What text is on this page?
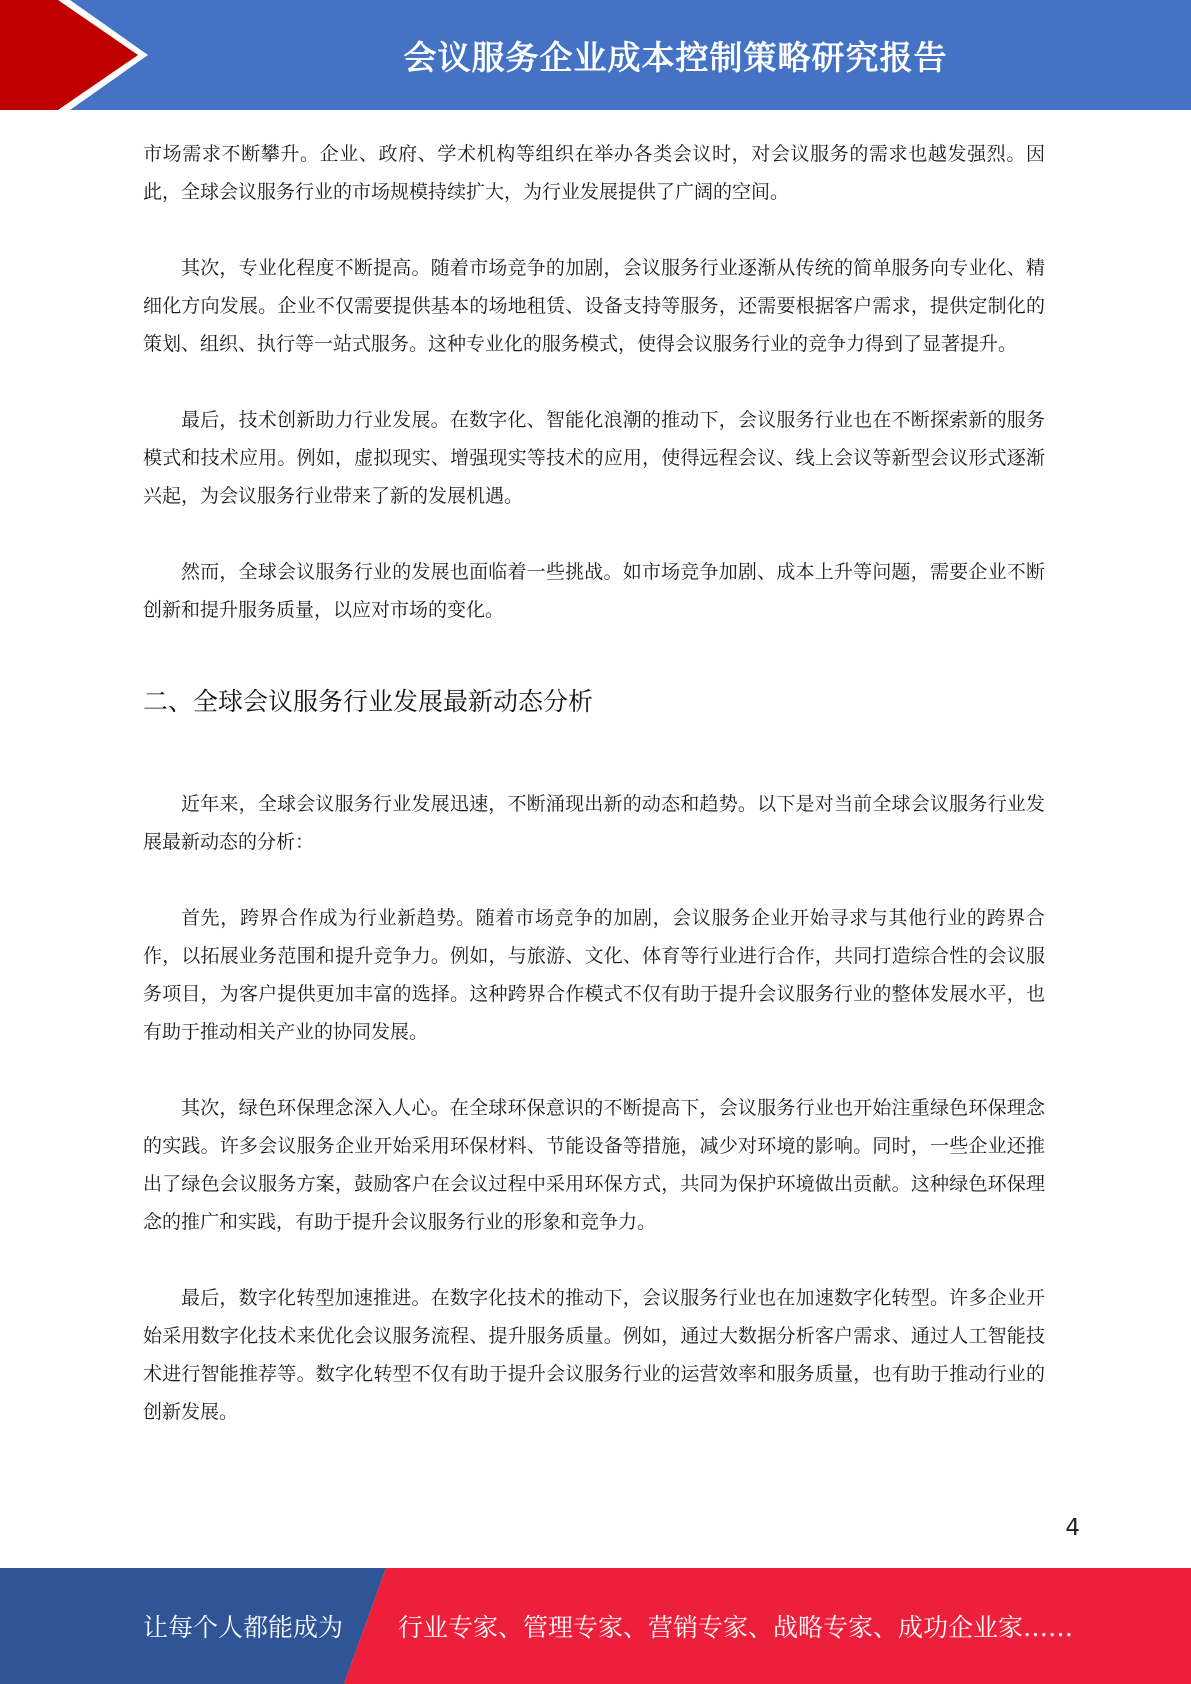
会议服务企业成本控制策略研究报告

市场需求不断攀升。企业、政府、学术机构等组织在举办各类会议时，对会议服务的需求也越发强烈。因此，全球会议服务行业的市场规模持续扩大，为行业发展提供了广阔的空间。

其次，专业化程度不断提高。随着市场竞争的加剧，会议服务行业逐渐从传统的简单服务向专业化、精细化方向发展。企业不仅需要提供基本的场地租赁、设备支持等服务，还需要根据客户需求，提供定制化的策划、组织、执行等一站式服务。这种专业化的服务模式，使得会议服务行业的竞争力得到了显著提升。

最后，技术创新助力行业发展。在数字化、智能化浪潮的推动下，会议服务行业也在不断探索新的服务模式和技术应用。例如，虚拟现实、增强现实等技术的应用，使得远程会议、线上会议等新型会议形式逐渐兴起，为会议服务行业带来了新的发展机遇。

然而，全球会议服务行业的发展也面临着一些挑战。如市场竞争加剧、成本上升等问题，需要企业不断创新和提升服务质量，以应对市场的变化。

二、全球会议服务行业发展最新动态分析

近年来，全球会议服务行业发展迅速，不断涌现出新的动态和趋势。以下是对当前全球会议服务行业发展最新动态的分析：

首先，跨界合作成为行业新趋势。随着市场竞争的加剧，会议服务企业开始寻求与其他行业的跨界合作，以拓展业务范围和提升竞争力。例如，与旅游、文化、体育等行业进行合作，共同打造综合性的会议服务项目，为客户提供更加丰富的选择。这种跨界合作模式不仅有助于提升会议服务行业的整体发展水平，也有助于推动相关产业的协同发展。

其次，绿色环保理念深入人心。在全球环保意识的不断提高下，会议服务行业也开始注重绿色环保理念的实践。许多会议服务企业开始采用环保材料、节能设备等措施，减少对环境的影响。同时，一些企业还推出了绿色会议服务方案，鼓励客户在会议过程中采用环保方式，共同为保护环境做出贡献。这种绿色环保理念的推广和实践，有助于提升会议服务行业的形象和竞争力。

最后，数字化转型加速推进。在数字化技术的推动下，会议服务行业也在加速数字化转型。许多企业开始采用数字化技术来优化会议服务流程、提升服务质量。例如，通过大数据分析客户需求、通过人工智能技术进行智能推荐等。数字化转型不仅有助于提升会议服务行业的运营效率和服务质量，也有助于推动行业的创新发展。

4
让每个人都能成为 行业专家、管理专家、营销专家、战略专家、成功企业家……
